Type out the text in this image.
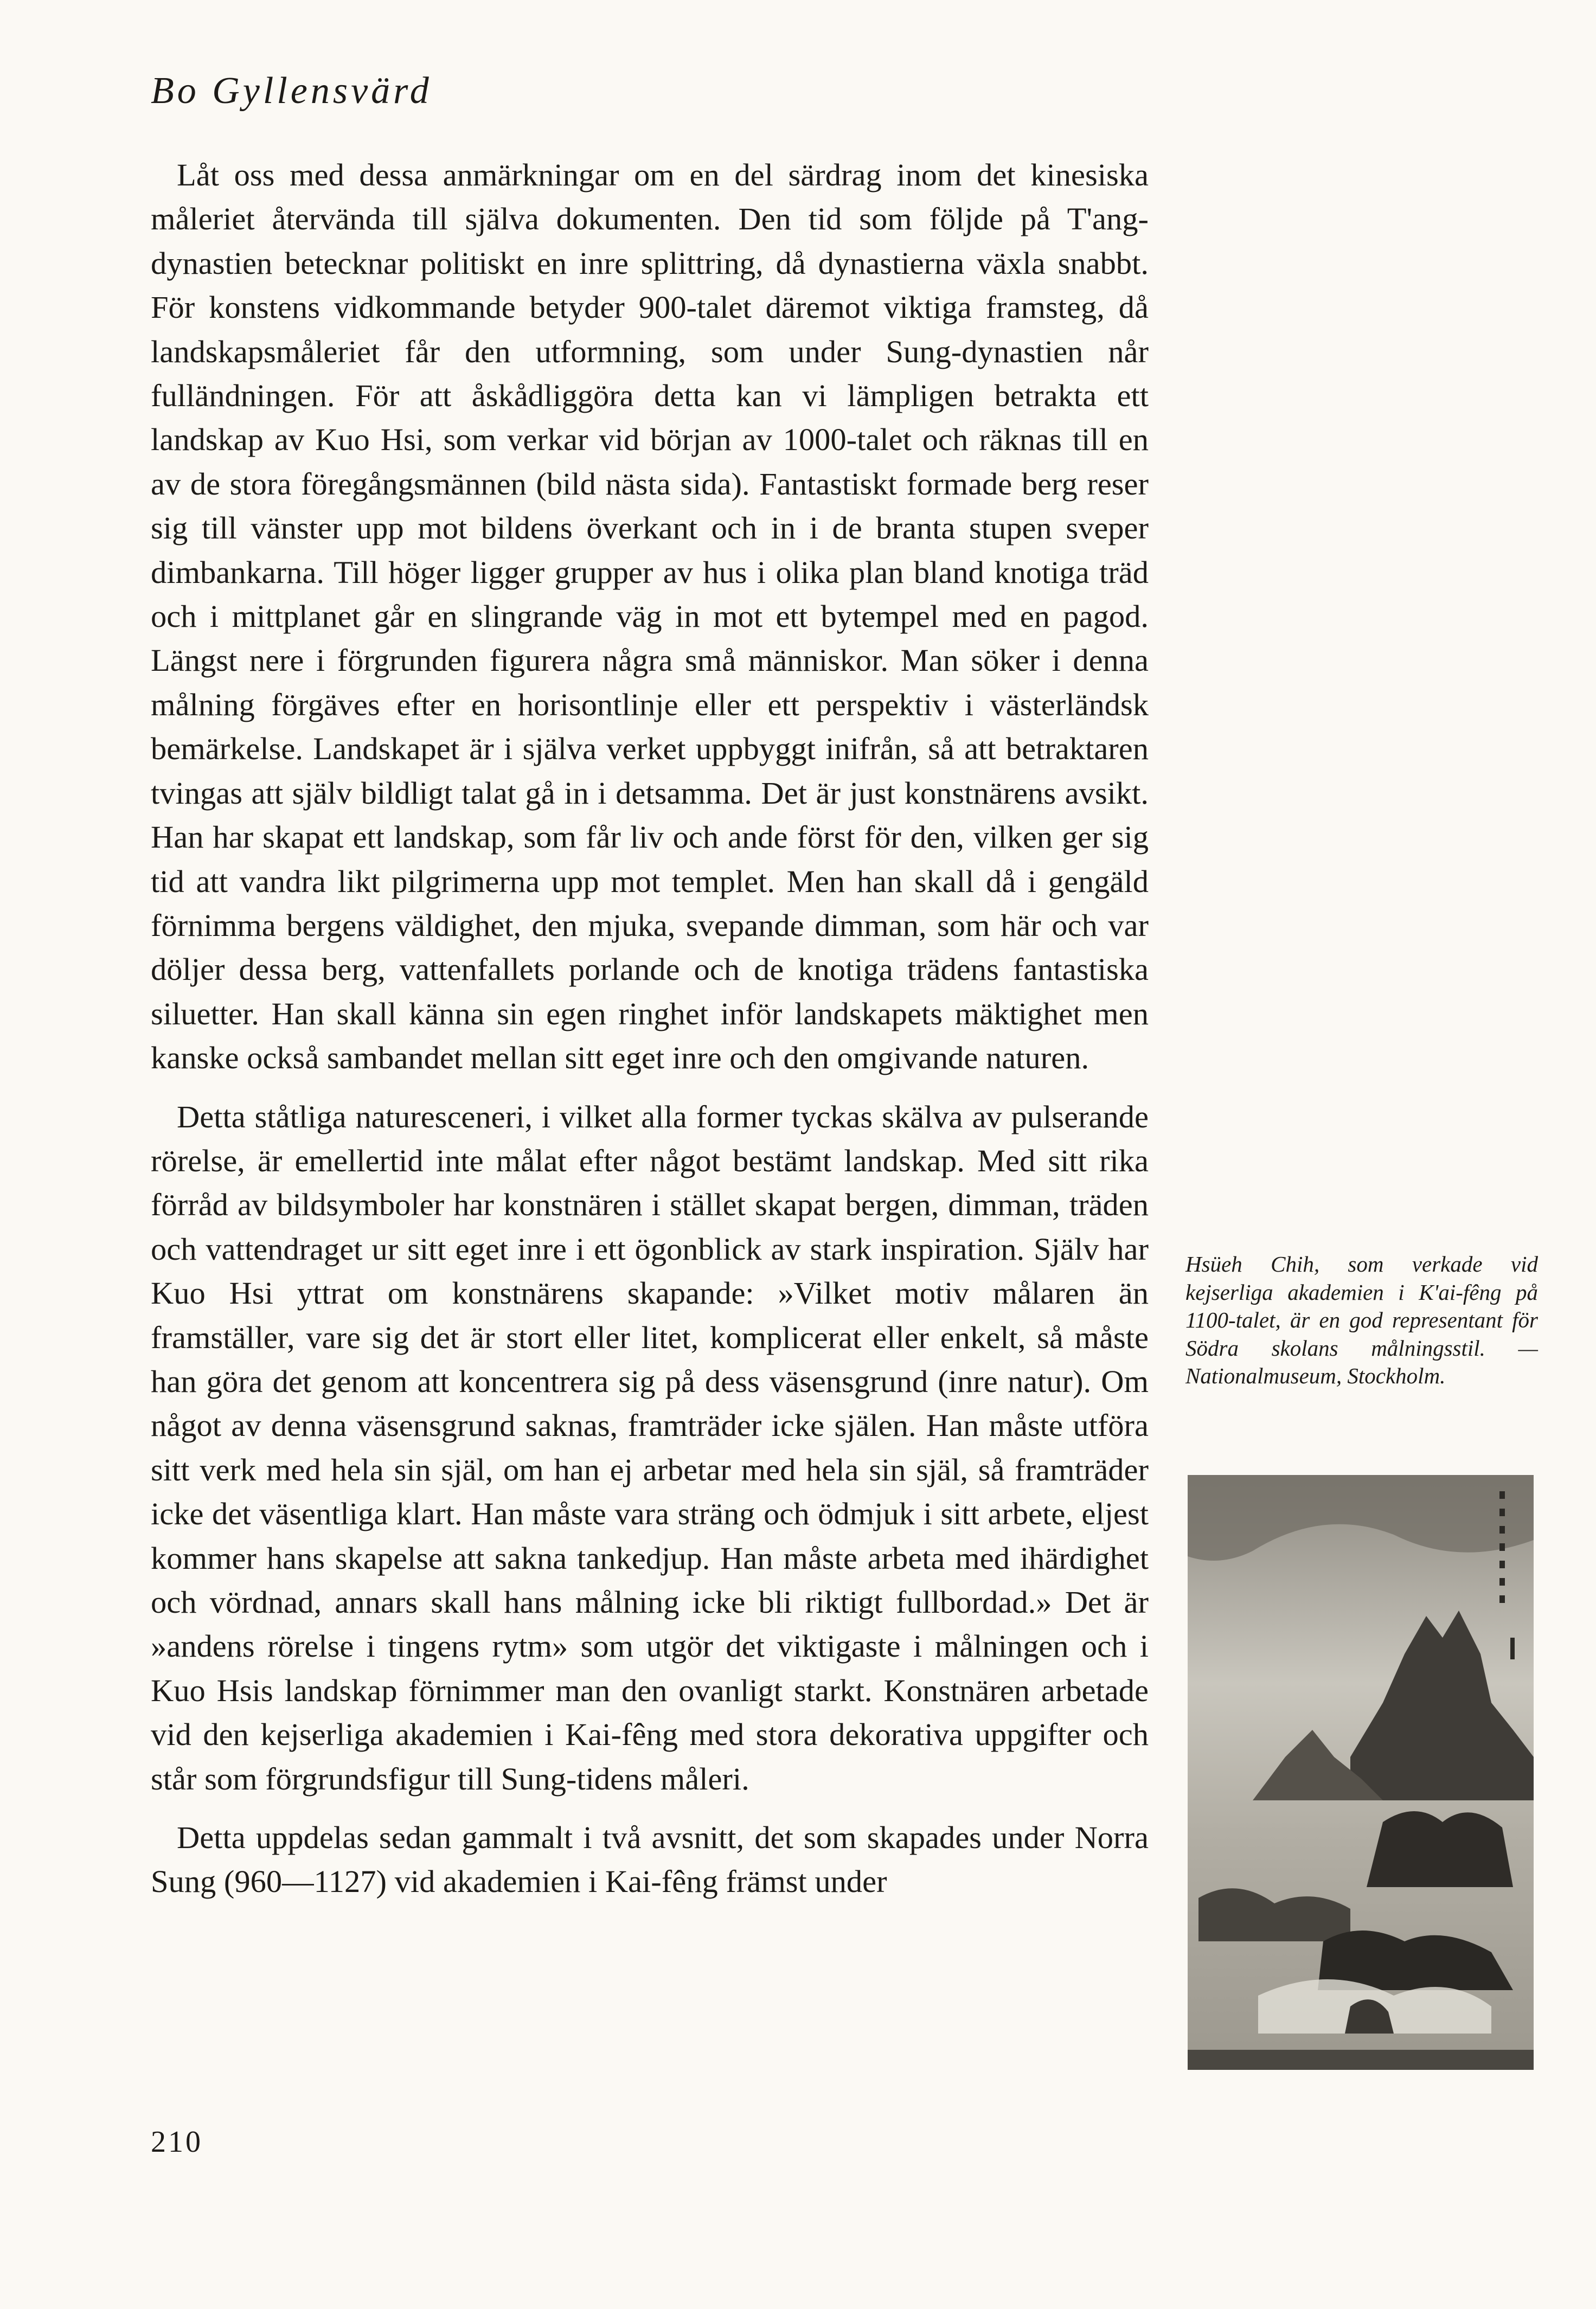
Bo Gyllensvärd

Låt oss med dessa anmärkningar om en del särdrag inom det kinesiska måleriet återvända till själva dokumenten. Den tid som följde på T'ang-dynastien betecknar politiskt en inre splittring, då dynastierna växla snabbt. För konstens vidkommande betyder 900-talet däremot viktiga framsteg, då landskapsmåleriet får den utformning, som under Sung-dynastien når fulländningen. För att åskådliggöra detta kan vi lämpligen betrakta ett landskap av Kuo Hsi, som verkar vid början av 1000-talet och räknas till en av de stora föregångsmännen (bild nästa sida). Fantastiskt formade berg reser sig till vänster upp mot bildens överkant och in i de branta stupen sveper dimbankarna. Till höger ligger grupper av hus i olika plan bland knotiga träd och i mittplanet går en slingrande väg in mot ett bytempel med en pagod. Längst nere i förgrunden figurera några små människor. Man söker i denna målning förgäves efter en horisontlinje eller ett perspektiv i västerländsk bemärkelse. Landskapet är i själva verket uppbyggt inifrån, så att betraktaren tvingas att själv bildligt talat gå in i detsamma. Det är just konstnärens avsikt. Han har skapat ett landskap, som får liv och ande först för den, vilken ger sig tid att vandra likt pilgrimerna upp mot templet. Men han skall då i gengäld förnimma bergens väldighet, den mjuka, svepande dimman, som här och var döljer dessa berg, vattenfallets porlande och de knotiga trädens fantastiska siluetter. Han skall känna sin egen ringhet inför landskapets mäktighet men kanske också sambandet mellan sitt eget inre och den omgivande naturen.

Detta ståtliga naturesceneri, i vilket alla former tyckas skälva av pulserande rörelse, är emellertid inte målat efter något bestämt landskap. Med sitt rika förråd av bildsymboler har konstnären i stället skapat bergen, dimman, träden och vattendraget ur sitt eget inre i ett ögonblick av stark inspiration. Själv har Kuo Hsi yttrat om konstnärens skapande: »Vilket motiv målaren än framställer, vare sig det är stort eller litet, komplicerat eller enkelt, så måste han göra det genom att koncentrera sig på dess väsensgrund (inre natur). Om något av denna väsensgrund saknas, framträder icke själen. Han måste utföra sitt verk med hela sin själ, om han ej arbetar med hela sin själ, så framträder icke det väsentliga klart. Han måste vara sträng och ödmjuk i sitt arbete, eljest kommer hans skapelse att sakna tankedjup. Han måste arbeta med ihärdighet och vördnad, annars skall hans målning icke bli riktigt fullbordad.» Det är »andens rörelse i tingens rytm» som utgör det viktigaste i målningen och i Kuo Hsis landskap förnimmer man den ovanligt starkt. Konstnären arbetade vid den kejserliga akademien i Kai-fêng med stora dekorativa uppgifter och står som förgrundsfigur till Sung-tidens måleri.

Detta uppdelas sedan gammalt i två avsnitt, det som skapades under Norra Sung (960—1127) vid akademien i Kai-fêng främst under

Hsüeh Chih, som verkade vid kejserliga akademien i K'ai-fêng på 1100-talet, är en god representant för Södra skolans målningsstil. — Nationalmuseum, Stockholm.
210
